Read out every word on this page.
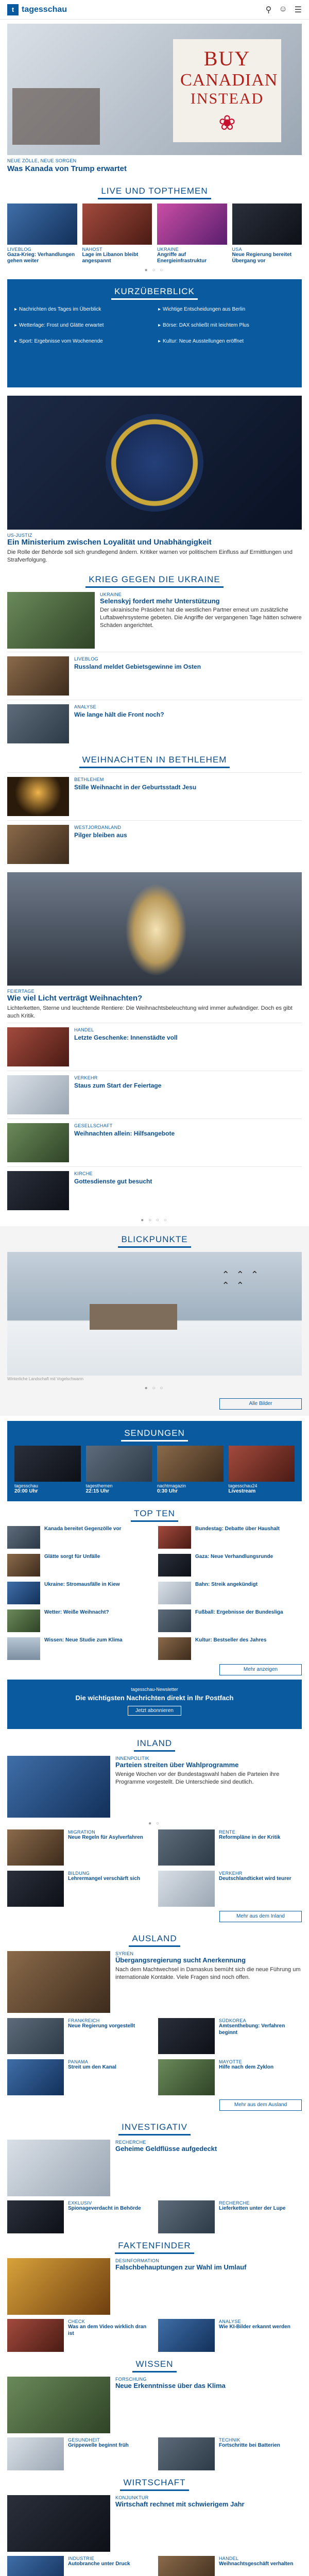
t tagesschau	⚲ ☺ ☰
BUY
CANADIAN
INSTEAD
❀
NEUE ZÖLLE, NEUE SORGEN
Was Kanada von Trump erwartet
LIVE UND TOPTHEMEN
LIVEBLOG
Gaza-Krieg: Verhandlungen gehen weiter
NAHOST
Lage im Libanon bleibt angespannt
UKRAINE
Angriffe auf Energieinfrastruktur
USA
Neue Regierung bereitet Übergang vor
● ○ ○
KURZÜBERBLICK
▸ Nachrichten des Tages im Überblick	▸ Wichtige Entscheidungen aus Berlin
▸ Wetterlage: Frost und Glätte erwartet	▸ Börse: DAX schließt mit leichtem Plus
▸ Sport: Ergebnisse vom Wochenende	▸ Kultur: Neue Ausstellungen eröffnet
US-JUSTIZ
Ein Ministerium zwischen Loyalität und Unabhängigkeit
Die Rolle der Behörde soll sich grundlegend ändern. Kritiker warnen vor politischem Einfluss auf Ermittlungen und Strafverfolgung.
KRIEG GEGEN DIE UKRAINE
UKRAINE
Selenskyj fordert mehr Unterstützung
Der ukrainische Präsident hat die westlichen Partner erneut um zusätzliche Luftabwehrsysteme gebeten. Die Angriffe der vergangenen Tage hätten schwere Schäden angerichtet.
LIVEBLOG
Russland meldet Gebietsgewinne im Osten
ANALYSE
Wie lange hält die Front noch?
WEIHNACHTEN IN BETHLEHEM
BETHLEHEM
Stille Weihnacht in der Geburtsstadt Jesu
WESTJORDANLAND
Pilger bleiben aus
FEIERTAGE
Wie viel Licht verträgt Weihnachten?
Lichterketten, Sterne und leuchtende Rentiere: Die Weihnachtsbeleuchtung wird immer aufwändiger. Doch es gibt auch Kritik.
HANDEL
Letzte Geschenke: Innenstädte voll
VERKEHR
Staus zum Start der Feiertage
GESELLSCHAFT
Weihnachten allein: Hilfsangebote
KIRCHE
Gottesdienste gut besucht
● ○ ○ ○
BLICKPUNKTE
⌃ ⌃ ⌃
⌃ ⌃
Winterliche Landschaft mit Vogelschwarm
● ○ ○
Alle Bilder
SENDUNGEN
tagesschau
20:00 Uhr
tagesthemen
22:15 Uhr
nachtmagazin
0:30 Uhr
tagesschau24
Livestream
TOP TEN
Kanada bereitet Gegenzölle vor	Bundestag: Debatte über Haushalt
Glätte sorgt für Unfälle	Gaza: Neue Verhandlungsrunde
Ukraine: Stromausfälle in Kiew	Bahn: Streik angekündigt
Wetter: Weiße Weihnacht?	Fußball: Ergebnisse der Bundesliga
Wissen: Neue Studie zum Klima	Kultur: Bestseller des Jahres
Mehr anzeigen
tagesschau-Newsletter
Die wichtigsten Nachrichten direkt in Ihr Postfach
Jetzt abonnieren
INLAND
INNENPOLITIK
Parteien streiten über Wahlprogramme
Wenige Wochen vor der Bundestagswahl haben die Parteien ihre Programme vorgestellt. Die Unterschiede sind deutlich.
● ○
MIGRATION
Neue Regeln für Asylverfahren
RENTE
Reformpläne in der Kritik
BILDUNG
Lehrermangel verschärft sich
VERKEHR
Deutschlandticket wird teurer
Mehr aus dem Inland
AUSLAND
SYRIEN
Übergangsregierung sucht Anerkennung
Nach dem Machtwechsel in Damaskus bemüht sich die neue Führung um internationale Kontakte. Viele Fragen sind noch offen.
FRANKREICH
Neue Regierung vorgestellt
SÜDKOREA
Amtsenthebung: Verfahren beginnt
PANAMA
Streit um den Kanal
MAYOTTE
Hilfe nach dem Zyklon
Mehr aus dem Ausland
INVESTIGATIV
RECHERCHE
Geheime Geldflüsse aufgedeckt
EXKLUSIV
Spionageverdacht in Behörde
RECHERCHE
Lieferketten unter der Lupe
FAKTENFINDER
DESINFORMATION
Falschbehauptungen zur Wahl im Umlauf
CHECK
Was an dem Video wirklich dran ist
ANALYSE
Wie KI-Bilder erkannt werden
WISSEN
FORSCHUNG
Neue Erkenntnisse über das Klima
GESUNDHEIT
Grippewelle beginnt früh
TECHNIK
Fortschritte bei Batterien
WIRTSCHAFT
KONJUNKTUR
Wirtschaft rechnet mit schwierigem Jahr
INDUSTRIE
Autobranche unter Druck
HANDEL
Weihnachtsgeschäft verhalten
